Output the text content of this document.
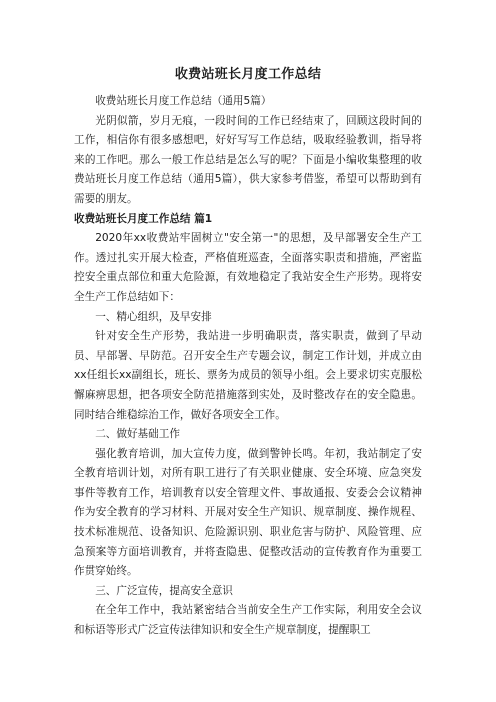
收费站班长月度工作总结

收费站班长月度工作总结（通用5篇）

光阴似箭，岁月无痕，一段时间的工作已经结束了，回顾这段时间的工作，相信你有很多感想吧，好好写写工作总结，吸取经验教训，指导将来的工作吧。那么一般工作总结是怎么写的呢？下面是小编收集整理的收费站班长月度工作总结（通用5篇），供大家参考借鉴，希望可以帮助到有需要的朋友。

收费站班长月度工作总结 篇1

2020年xx收费站牢固树立"安全第一"的思想，及早部署安全生产工作。透过扎实开展大检查，严格值班巡查，全面落实职责和措施，严密监控安全重点部位和重大危险源，有效地稳定了我站安全生产形势。现将安全生产工作总结如下：

一、精心组织，及早安排

针对安全生产形势，我站进一步明确职责，落实职责，做到了早动员、早部署、早防范。召开安全生产专题会议，制定工作计划，并成立由xx任组长xx副组长，班长、票务为成员的领导小组。会上要求切实克服松懈麻痹思想，把各项安全防范措施落到实处，及时整改存在的安全隐患。同时结合维稳综治工作，做好各项安全工作。

二、做好基础工作

强化教育培训，加大宣传力度，做到警钟长鸣。年初，我站制定了安全教育培训计划，对所有职工进行了有关职业健康、安全环境、应急突发事件等教育工作，培训教育以安全管理文件、事故通报、安委会会议精神作为安全教育的学习材料、开展对安全生产知识、规章制度、操作规程、技术标准规范、设备知识、危险源识别、职业危害与防护、风险管理、应急预案等方面培训教育，并将查隐患、促整改活动的宣传教育作为重要工作贯穿始终。

三、广泛宣传，提高安全意识

在全年工作中，我站紧密结合当前安全生产工作实际，利用安全会议和标语等形式广泛宣传法律知识和安全生产规章制度，提醒职工
